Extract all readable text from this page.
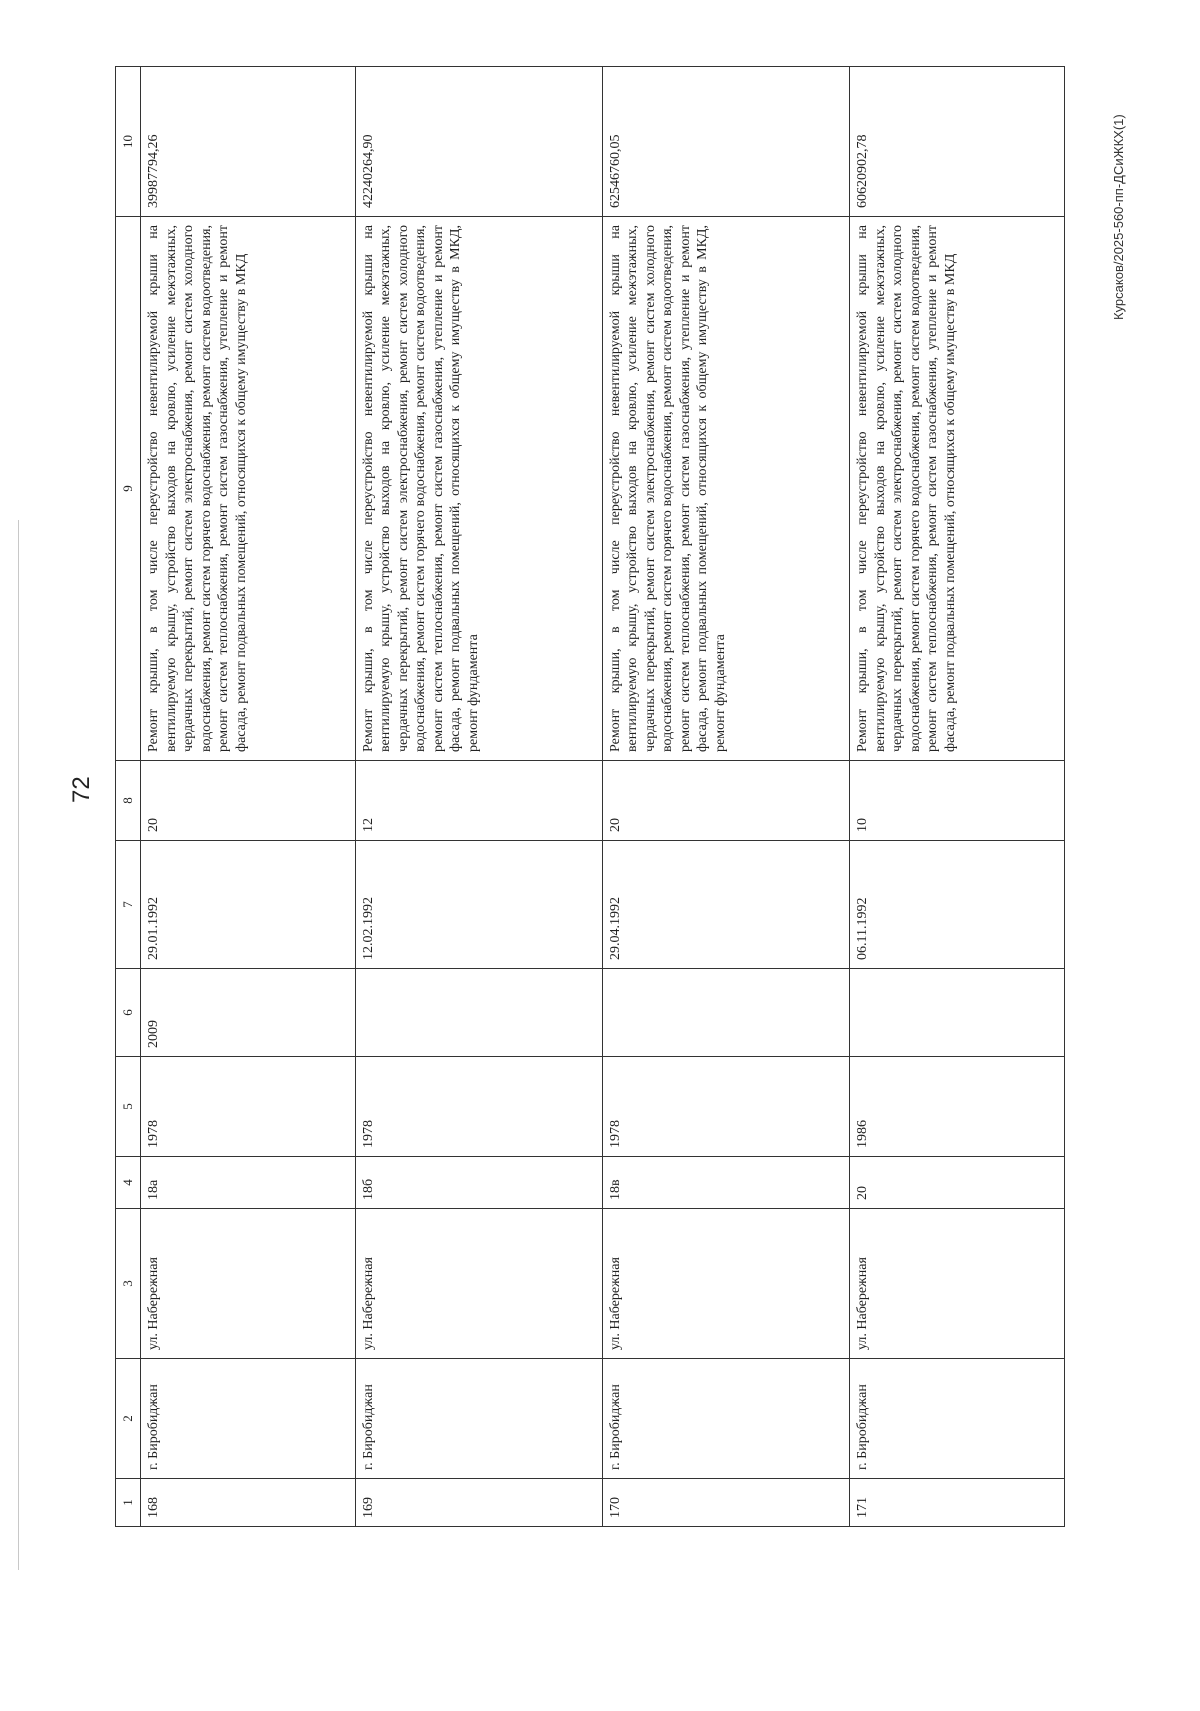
72
Курсаков/2025-560-пп-ДСиЖКХ(1)
1	2	3	4	5	6	7	8	9	10
168	г. Биробиджан	ул. Набережная	18а	1978	2009	29.01.1992	20	Ремонт крыши, в том числе переустройство невентилируемой крыши на вентилируемую крышу, устройство выходов на кровлю, усиление межэтажных, чердачных перекрытий, ремонт систем электроснабжения, ремонт систем холодного водоснабжения, ремонт систем горячего водоснабжения, ремонт систем водоотведения, ремонт систем теплоснабжения, ремонт систем газоснабжения, утепление и ремонт фасада, ремонт подвальных помещений, относящихся к общему имуществу в МКД	39987794,26
169	г. Биробиджан	ул. Набережная	18б	1978		12.02.1992	12	Ремонт крыши, в том числе переустройство невентилируемой крыши на вентилируемую крышу, устройство выходов на кровлю, усиление межэтажных, чердачных перекрытий, ремонт систем электроснабжения, ремонт систем холодного водоснабжения, ремонт систем горячего водоснабжения, ремонт систем водоотведения, ремонт систем теплоснабжения, ремонт систем газоснабжения, утепление и ремонт фасада, ремонт подвальных помещений, относящихся к общему имуществу в МКД, ремонт фундамента	42240264,90
170	г. Биробиджан	ул. Набережная	18в	1978		29.04.1992	20	Ремонт крыши, в том числе переустройство невентилируемой крыши на вентилируемую крышу, устройство выходов на кровлю, усиление межэтажных, чердачных перекрытий, ремонт систем электроснабжения, ремонт систем холодного водоснабжения, ремонт систем горячего водоснабжения, ремонт систем водоотведения, ремонт систем теплоснабжения, ремонт систем газоснабжения, утепление и ремонт фасада, ремонт подвальных помещений, относящихся к общему имуществу в МКД, ремонт фундамента	62546760,05
171	г. Биробиджан	ул. Набережная	20	1986		06.11.1992	10	Ремонт крыши, в том числе переустройство невентилируемой крыши на вентилируемую крышу, устройство выходов на кровлю, усиление межэтажных, чердачных перекрытий, ремонт систем электроснабжения, ремонт систем холодного водоснабжения, ремонт систем горячего водоснабжения, ремонт систем водоотведения, ремонт систем теплоснабжения, ремонт систем газоснабжения, утепление и ремонт фасада, ремонт подвальных помещений, относящихся к общему имуществу в МКД	60620902,78
